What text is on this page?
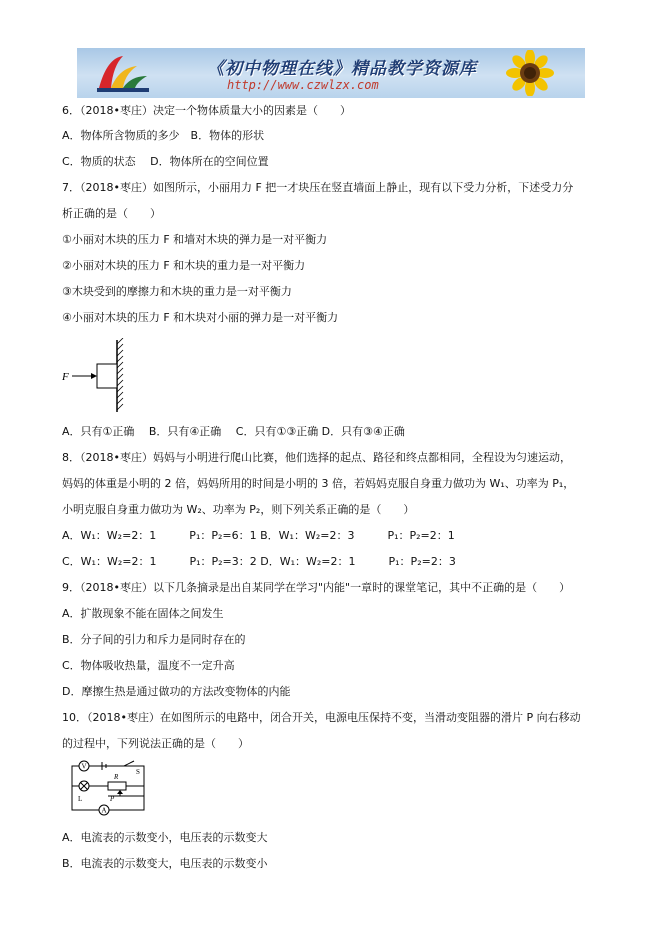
《初中物理在线》精品教学资源库
http://www.czwlzx.com
6．（2018•枣庄）决定一个物体质量大小的因素是（　　）
A．物体所含物质的多少　B．物体的形状
C．物质的状态　 D．物体所在的空间位置
7．（2018•枣庄）如图所示，小丽用力 F 把一才块压在竖直墙面上静止，现有以下受力分析，下述受力分
析正确的是（　　）
①小丽对木块的压力 F 和墙对木块的弹力是一对平衡力
②小丽对木块的压力 F 和木块的重力是一对平衡力
③木块受到的摩擦力和木块的重力是一对平衡力
④小丽对木块的压力 F 和木块对小丽的弹力是一对平衡力
F
A．只有①正确　 B．只有④正确　 C．只有①③正确 D．只有③④正确
8．（2018•枣庄）妈妈与小明进行爬山比赛，他们选择的起点、路径和终点都相同，全程设为匀速运动，
妈妈的体重是小明的 2 倍，妈妈所用的时间是小明的 3 倍，若妈妈克服自身重力做功为 W₁、功率为 P₁，
小明克服自身重力做功为 W₂、功率为 P₂，则下列关系正确的是（　　）
A．W₁：W₂=2：1　　　P₁：P₂=6：1 B．W₁：W₂=2：3　　　P₁：P₂=2：1
C．W₁：W₂=2：1　　　P₁：P₂=3：2 D．W₁：W₂=2：1　　　P₁：P₂=2：3
9．（2018•枣庄）以下几条摘录是出自某同学在学习"内能"一章时的课堂笔记，其中不正确的是（　　）
A．扩散现象不能在固体之间发生
B．分子间的引力和斥力是同时存在的
C．物体吸收热量，温度不一定升高
D．摩擦生热是通过做功的方法改变物体的内能
10．（2018•枣庄）在如图所示的电路中，闭合开关，电源电压保持不变，当滑动变阻器的滑片 P 向右移动
的过程中，下列说法正确的是（　　）
V
S
R
L	P
A
A．电流表的示数变小，电压表的示数变大
B．电流表的示数变大，电压表的示数变小
